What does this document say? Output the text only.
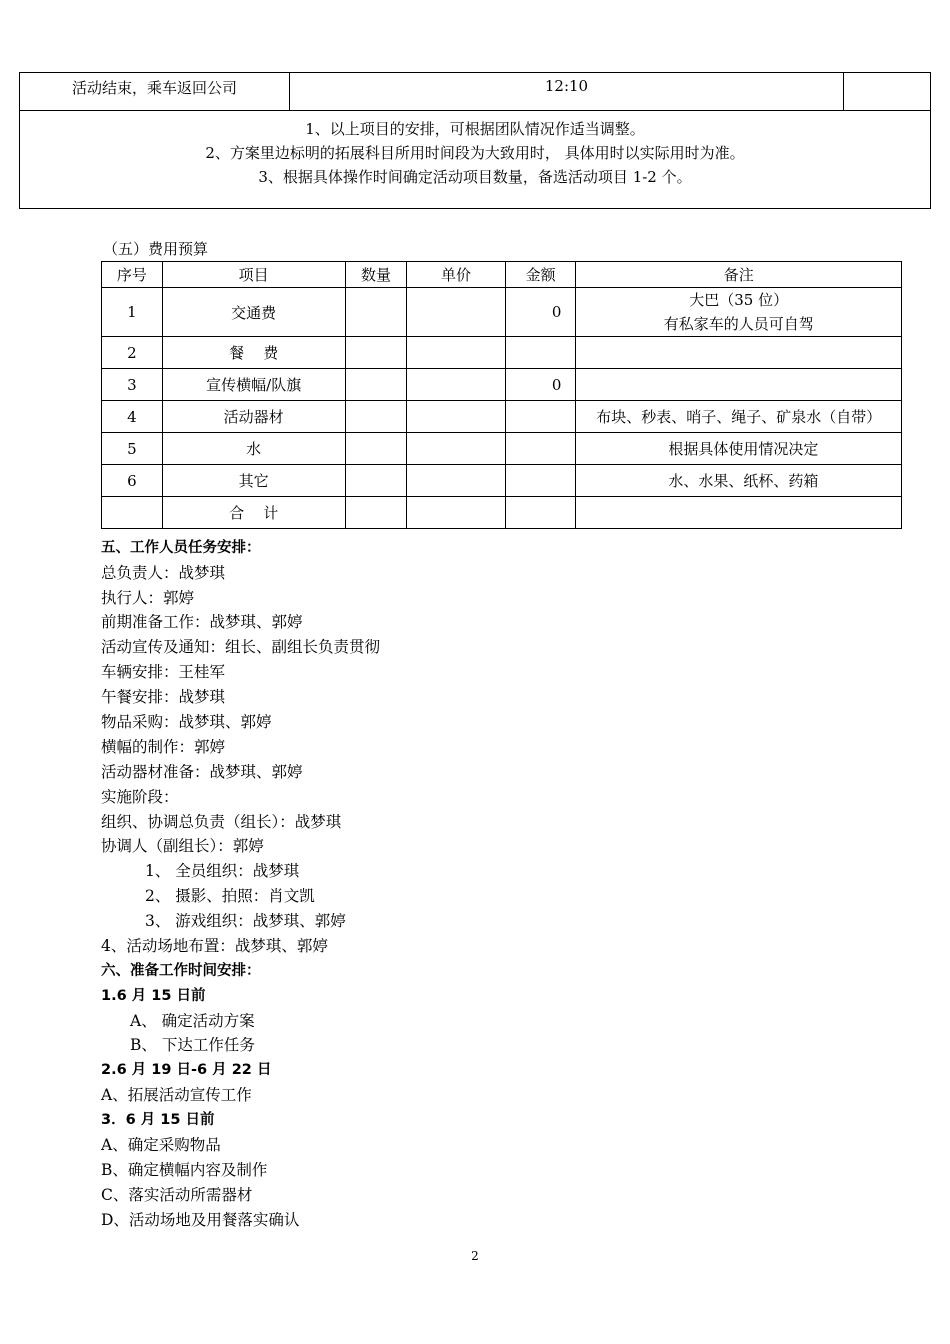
活动结束，乘车返回公司	12:10	

1、以上项目的安排，可根据团队情况作适当调整。
2、方案里边标明的拓展科目所用时间段为大致用时， 具体用时以实际用时为准。
3、根据具体操作时间确定活动项目数量，备选活动项目 1-2 个。
（五）费用预算
序号	项目	数量	单价	金额	备注
1	交通费			0	大巴（35 位）
有私家车的人员可自驾

2	餐    费				
3	宣传横幅/队旗			0	
4	活动器材				布块、秒表、哨子、绳子、矿泉水（自带）
5	水				根据具体使用情况决定
6	其它				水、水果、纸杯、药箱
	合    计				
五、工作人员任务安排：
总负责人：战梦琪
执行人：郭婷
前期准备工作：战梦琪、郭婷
活动宣传及通知：组长、副组长负责贯彻
车辆安排：王桂军
午餐安排：战梦琪
物品采购：战梦琪、郭婷
横幅的制作：郭婷
活动器材准备：战梦琪、郭婷
实施阶段：
组织、协调总负责（组长）：战梦琪
协调人（副组长）：郭婷
1、 全员组织：战梦琪
2、 摄影、拍照：肖文凯
3、 游戏组织：战梦琪、郭婷
4、活动场地布置：战梦琪、郭婷
六、准备工作时间安排：
1.6 月 15 日前
A、 确定活动方案
B、 下达工作任务
2.6 月 19 日-6 月 22 日
A、拓展活动宣传工作
3．6 月 15 日前
A、确定采购物品
B、确定横幅内容及制作
C、落实活动所需器材
D、活动场地及用餐落实确认
2
